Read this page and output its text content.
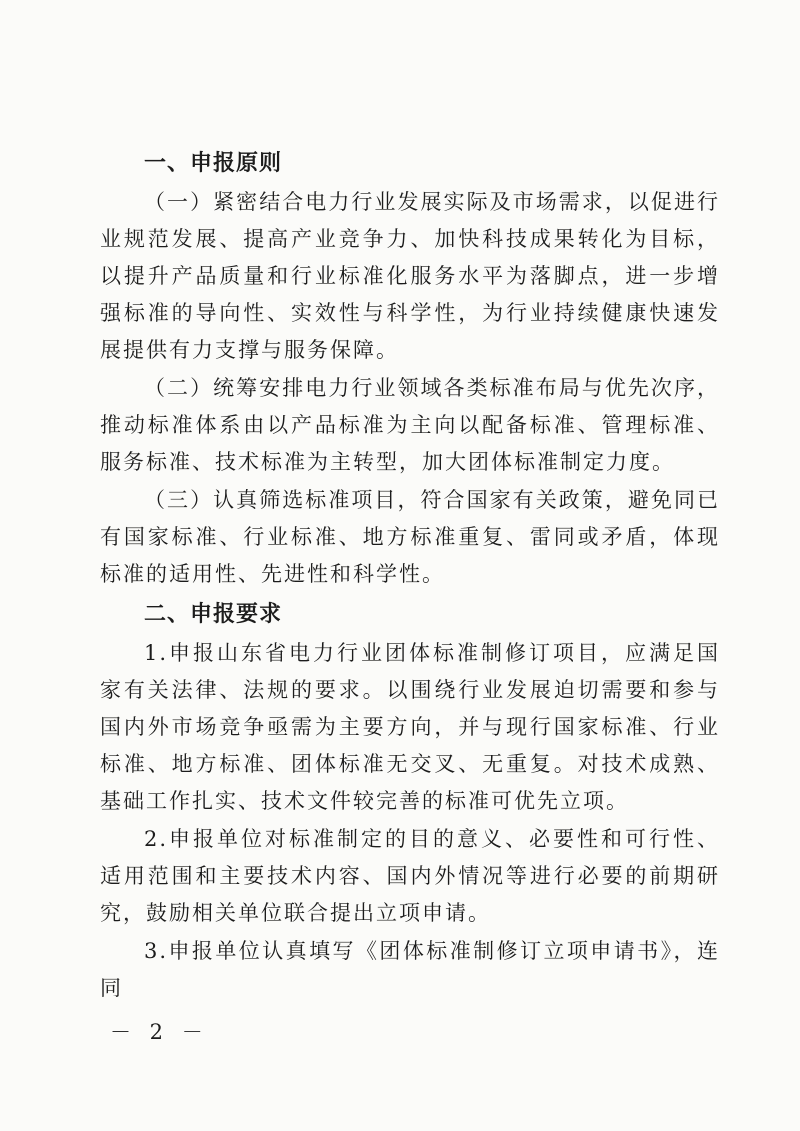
一、申报原则

（一）紧密结合电力行业发展实际及市场需求，以促进行业规范发展、提高产业竞争力、加快科技成果转化为目标，以提升产品质量和行业标准化服务水平为落脚点，进一步增强标准的导向性、实效性与科学性，为行业持续健康快速发展提供有力支撑与服务保障。

（二）统筹安排电力行业领域各类标准布局与优先次序，推动标准体系由以产品标准为主向以配备标准、管理标准、服务标准、技术标准为主转型，加大团体标准制定力度。

（三）认真筛选标准项目，符合国家有关政策，避免同已有国家标准、行业标准、地方标准重复、雷同或矛盾，体现标准的适用性、先进性和科学性。

二、申报要求

1.申报山东省电力行业团体标准制修订项目，应满足国家有关法律、法规的要求。以围绕行业发展迫切需要和参与国内外市场竞争亟需为主要方向，并与现行国家标准、行业标准、地方标准、团体标准无交叉、无重复。对技术成熟、基础工作扎实、技术文件较完善的标准可优先立项。

2.申报单位对标准制定的目的意义、必要性和可行性、适用范围和主要技术内容、国内外情况等进行必要的前期研究，鼓励相关单位联合提出立项申请。

3.申报单位认真填写《团体标准制修订立项申请书》，连同

－ 2 －
